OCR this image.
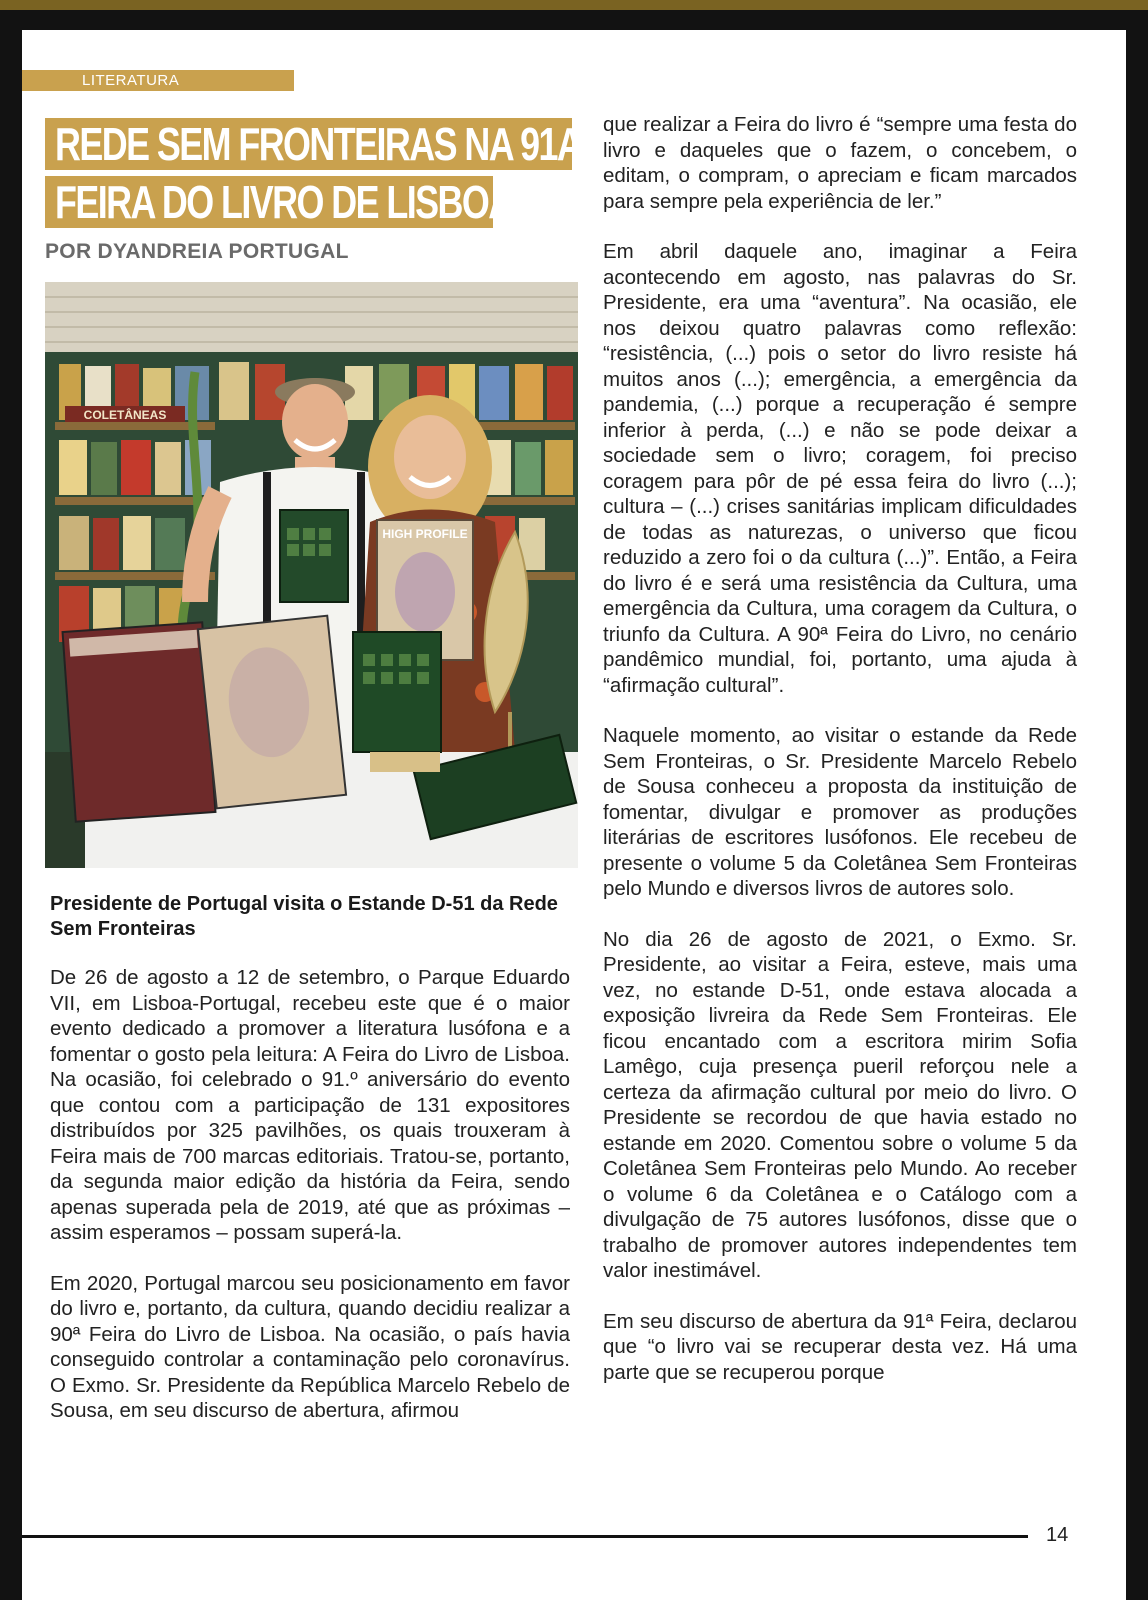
LITERATURA
REDE SEM FRONTEIRAS NA 91A
FEIRA DO LIVRO DE LISBOA
POR DYANDREIA PORTUGAL
COLETÂNEAS
HIGH PROFILE
Presidente de Portugal visita o Estande D-51 da Rede Sem Fronteiras

De 26 de agosto a 12 de setembro, o Parque Eduardo VII, em Lisboa-Portugal, recebeu este que é o maior evento dedicado a promover a literatura lusófona e a fomentar o gosto pela leitura: A Feira do Livro de Lisboa. Na ocasião, foi celebrado o 91.º aniversário do evento que contou com a participação de 131 expositores distribuídos por 325 pavilhões, os quais trouxeram à Feira mais de 700 marcas editoriais. Tratou-se, portanto, da segunda maior edição da história da Feira, sendo apenas superada pela de 2019, até que as próximas – assim esperamos – possam superá-la.

Em 2020, Portugal marcou seu posicionamento em favor do livro e, portanto, da cultura, quando decidiu realizar a 90ª Feira do Livro de Lisboa. Na ocasião, o país havia conseguido controlar a contaminação pelo coronavírus. O Exmo. Sr. Presidente da República Marcelo Rebelo de Sousa, em seu discurso de abertura, afirmou

que realizar a Feira do livro é “sempre uma festa do livro e daqueles que o fazem, o concebem, o editam, o compram, o apreciam e ficam marcados para sempre pela experiência de ler.”

Em abril daquele ano, imaginar a Feira acontecendo em agosto, nas palavras do Sr. Presidente, era uma “aventura”. Na ocasião, ele nos deixou quatro palavras como reflexão: “resistência, (...) pois o setor do livro resiste há muitos anos (...); emergência, a emergência da pandemia, (...) porque a recuperação é sempre inferior à perda, (...) e não se pode deixar a sociedade sem o livro; coragem, foi preciso coragem para pôr de pé essa feira do livro (...); cultura – (...) crises sanitárias implicam dificuldades de todas as naturezas, o universo que ficou reduzido a zero foi o da cultura (...)”. Então, a Feira do livro é e será uma resistência da Cultura, uma emergência da Cultura, uma coragem da Cultura, o triunfo da Cultura. A 90ª Feira do Livro, no cenário pandêmico mundial, foi, portanto, uma ajuda à “afirmação cultural”.

Naquele momento, ao visitar o estande da Rede Sem Fronteiras, o Sr. Presidente Marcelo Rebelo de Sousa conheceu a proposta da instituição de fomentar, divulgar e promover as produções literárias de escritores lusófonos. Ele recebeu de presente o volume 5 da Coletânea Sem Fronteiras pelo Mundo e diversos livros de autores solo.

No dia 26 de agosto de 2021, o Exmo. Sr. Presidente, ao visitar a Feira, esteve, mais uma vez, no estande D-51, onde estava alocada a exposição livreira da Rede Sem Fronteiras. Ele ficou encantado com a escritora mirim Sofia Lamêgo, cuja presença pueril reforçou nele a certeza da afirmação cultural por meio do livro. O Presidente se recordou de que havia estado no estande em 2020. Comentou sobre o volume 5 da Coletânea Sem Fronteiras pelo Mundo. Ao receber o volume 6 da Coletânea e o Catálogo com a divulgação de 75 autores lusófonos, disse que o trabalho de promover autores independentes tem valor inestimável.

Em seu discurso de abertura da 91ª Feira, declarou que “o livro vai se recuperar desta vez. Há uma parte que se recuperou porque

14
